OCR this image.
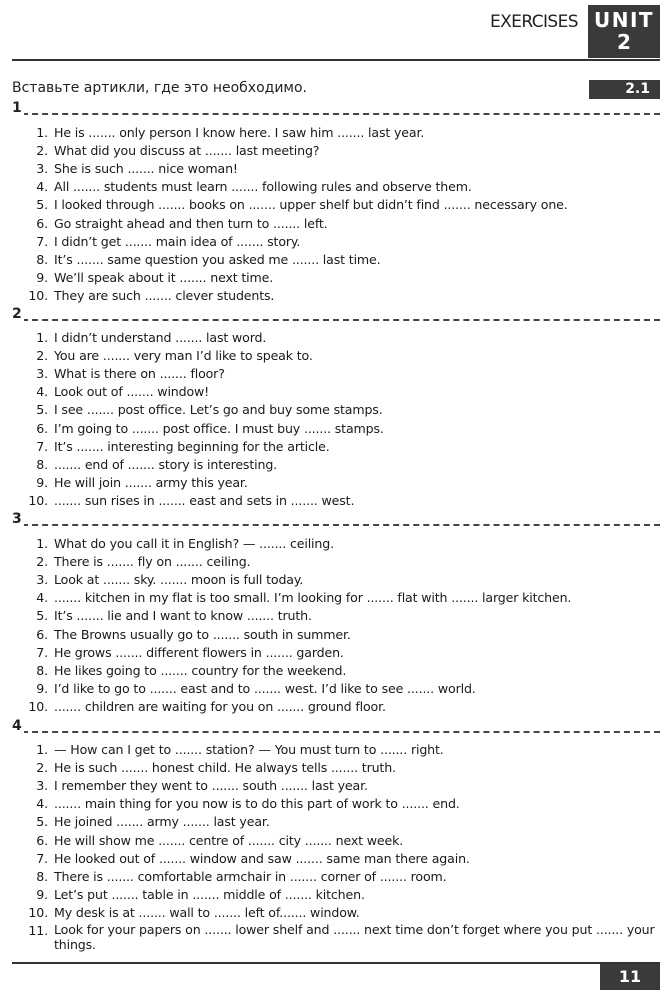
EXERCISES UNIT
2
Вставьте артикли, где это необходимо.	2.1
1
1. He is ....... only person I know here. I saw him ....... last year.
2. What did you discuss at ....... last meeting?
3. She is such ....... nice woman!
4. All ....... students must learn ....... following rules and observe them.
5. I looked through ....... books on ....... upper shelf but didn’t find ....... necessary one.
6. Go straight ahead and then turn to ....... left.
7. I didn’t get ....... main idea of ....... story.
8. It’s ....... same question you asked me ....... last time.
9. We’ll speak about it ....... next time.
10. They are such ....... clever students.
2
1. I didn’t understand ....... last word.
2. You are ....... very man I’d like to speak to.
3. What is there on ....... floor?
4. Look out of ....... window!
5. I see ....... post office. Let’s go and buy some stamps.
6. I’m going to ....... post office. I must buy ....... stamps.
7. It’s ....... interesting beginning for the article.
8. ....... end of ....... story is interesting.
9. He will join ....... army this year.
10. ....... sun rises in ....... east and sets in ....... west.
3
1. What do you call it in English? — ....... ceiling.
2. There is ....... fly on ....... ceiling.
3. Look at ....... sky. ....... moon is full today.
4. ....... kitchen in my flat is too small. I’m looking for ....... flat with ....... larger kitchen.
5. It’s ....... lie and I want to know ....... truth.
6. The Browns usually go to ....... south in summer.
7. He grows ....... different flowers in ....... garden.
8. He likes going to ....... country for the weekend.
9. I’d like to go to ....... east and to ....... west. I’d like to see ....... world.
10. ....... children are waiting for you on ....... ground floor.
4
1. — How can I get to ....... station? — You must turn to ....... right.
2. He is such ....... honest child. He always tells ....... truth.
3. I remember they went to ....... south ....... last year.
4. ....... main thing for you now is to do this part of work to ....... end.
5. He joined ....... army ....... last year.
6. He will show me ....... centre of ....... city ....... next week.
7. He looked out of ....... window and saw ....... same man there again.
8. There is ....... comfortable armchair in ....... corner of ....... room.
9. Let’s put ....... table in ....... middle of ....... kitchen.
10. My desk is at ....... wall to ....... left of....... window.
11. Look for your papers on ....... lower shelf and ....... next time don’t forget where you put ....... your things.
11
